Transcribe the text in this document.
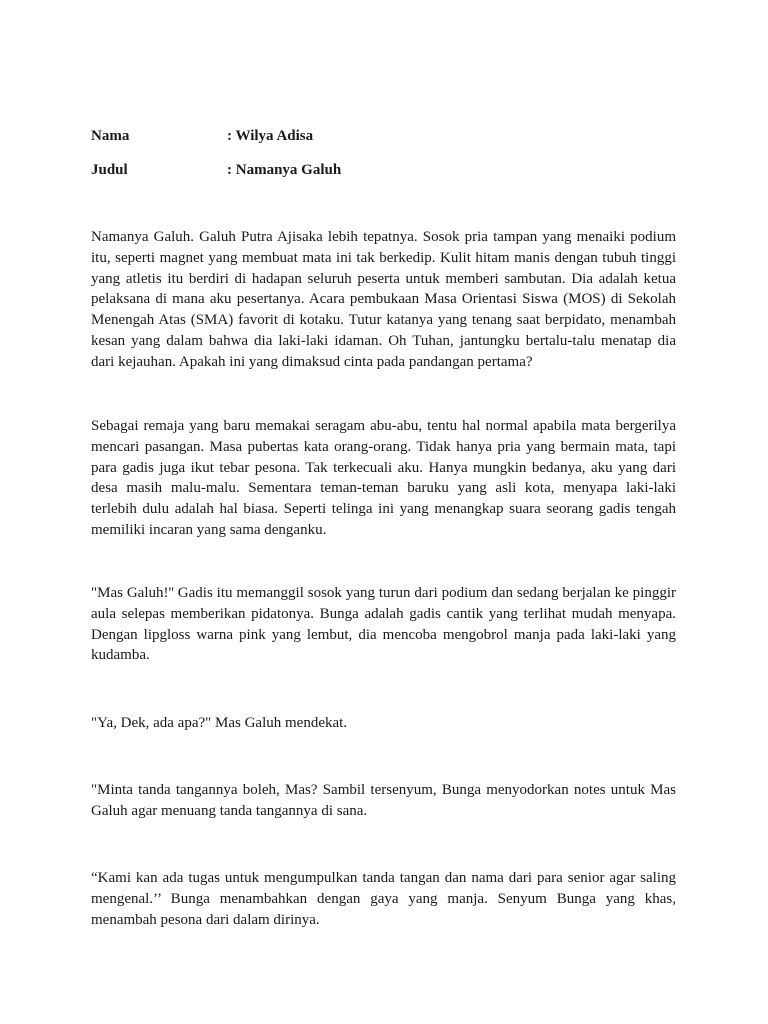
Nama	: Wilya Adisa
Judul	: Namanya Galuh

Namanya Galuh. Galuh Putra Ajisaka lebih tepatnya. Sosok pria tampan yang menaiki podium itu, seperti magnet yang membuat mata ini tak berkedip. Kulit hitam manis dengan tubuh tinggi yang atletis itu berdiri di hadapan seluruh peserta untuk memberi sambutan. Dia adalah ketua pelaksana di mana aku pesertanya. Acara pembukaan Masa Orientasi Siswa (MOS) di Sekolah Menengah Atas (SMA) favorit di kotaku. Tutur katanya yang tenang saat berpidato, menambah kesan yang dalam bahwa dia laki-laki idaman. Oh Tuhan, jantungku bertalu-talu menatap dia dari kejauhan. Apakah ini yang dimaksud cinta pada pandangan pertama?

Sebagai remaja yang baru memakai seragam abu-abu, tentu hal normal apabila mata bergerilya mencari pasangan. Masa pubertas kata orang-orang. Tidak hanya pria yang bermain mata, tapi para gadis juga ikut tebar pesona. Tak terkecuali aku. Hanya mungkin bedanya, aku yang dari desa masih malu-malu. Sementara teman-teman baruku yang asli kota, menyapa laki-laki terlebih dulu adalah hal biasa. Seperti telinga ini yang menangkap suara seorang gadis tengah memiliki incaran yang sama denganku.

"Mas Galuh!'' Gadis itu memanggil sosok yang turun dari podium dan sedang berjalan ke pinggir aula selepas memberikan pidatonya. Bunga adalah gadis cantik yang terlihat mudah menyapa. Dengan lipgloss warna pink yang lembut, dia mencoba mengobrol manja pada laki-laki yang kudamba.

"Ya, Dek, ada apa?" Mas Galuh mendekat.

"Minta tanda tangannya boleh, Mas? Sambil tersenyum, Bunga menyodorkan notes untuk Mas Galuh agar menuang tanda tangannya di sana.

“Kami kan ada tugas untuk mengumpulkan tanda tangan dan nama dari para senior agar saling mengenal.’’ Bunga menambahkan dengan gaya yang manja. Senyum Bunga yang khas, menambah pesona dari dalam dirinya.
